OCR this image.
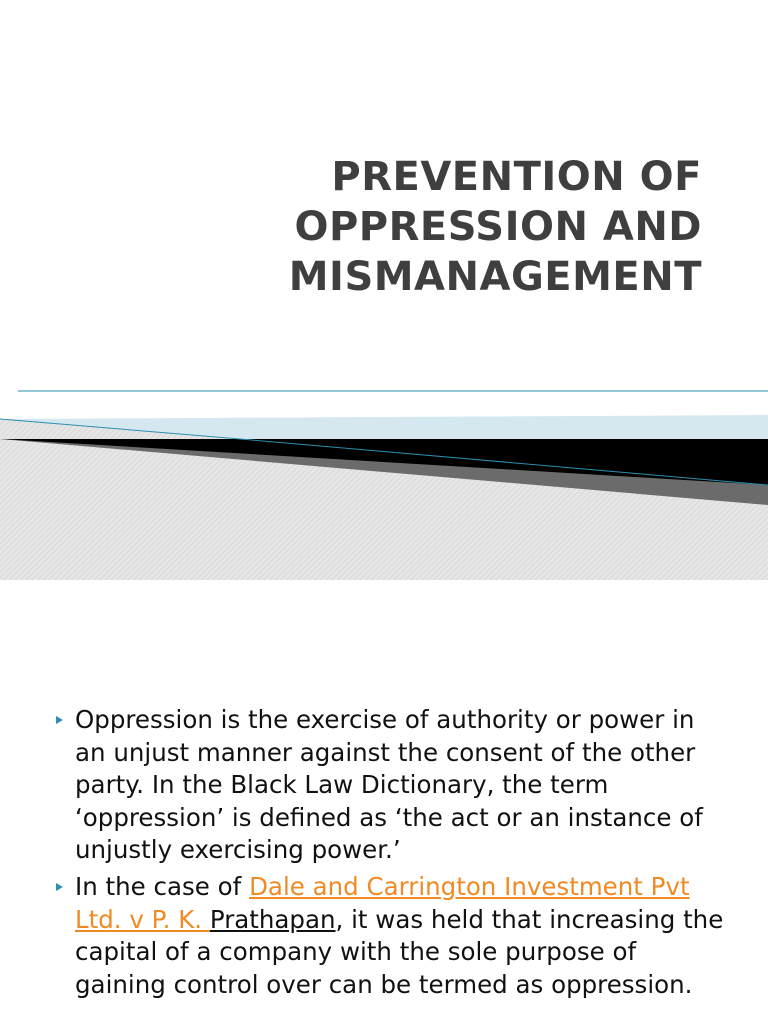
PREVENTION OF
OPPRESSION AND
MISMANAGEMENT
Oppression is the exercise of authority or power in an unjust manner against the consent of the other party. In the Black Law Dictionary, the term ‘oppression’ is defined as ‘the act or an instance of unjustly exercising power.’
In the case of Dale and Carrington Investment Pvt Ltd. v P. K. Prathapan, it was held that increasing the capital of a company with the sole purpose of gaining control over can be termed as oppression.
